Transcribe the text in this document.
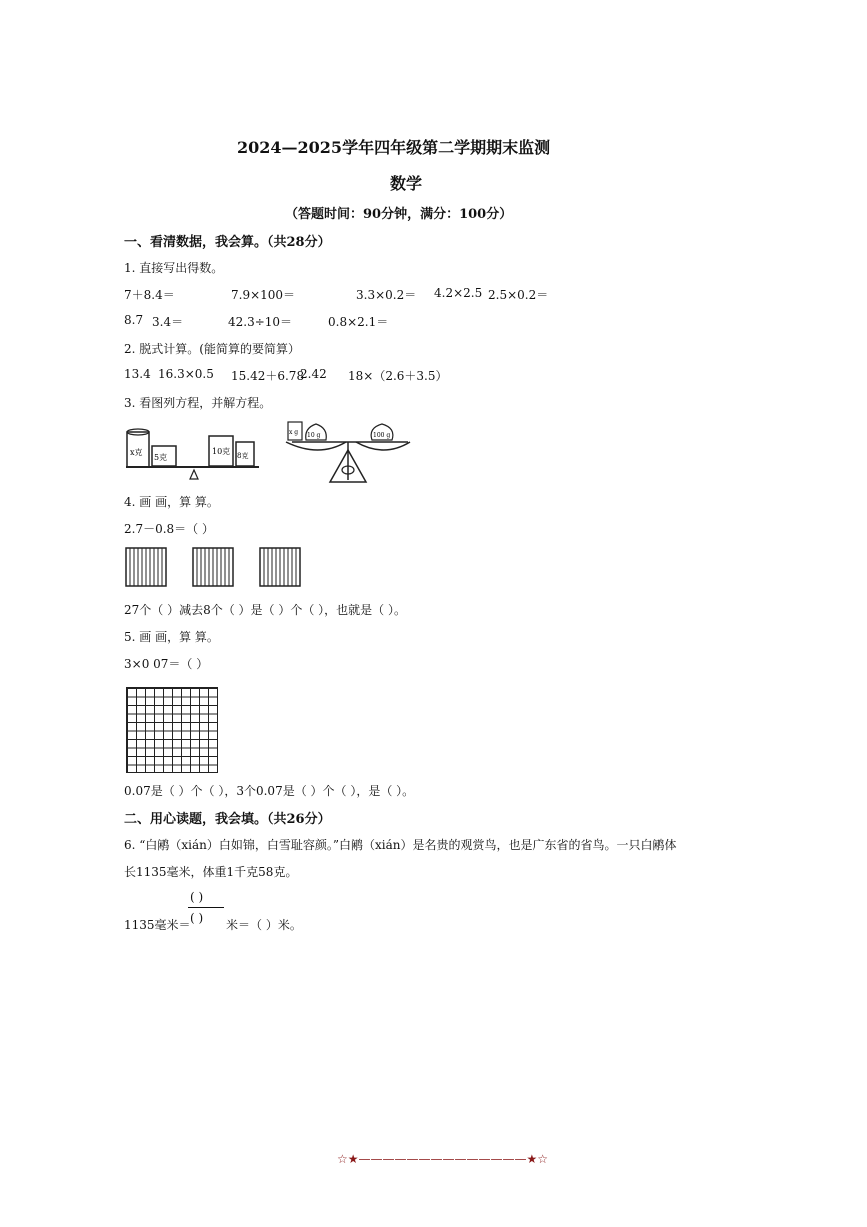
2024—2025学年四年级第二学期期末监测
数学
（答题时间：90分钟，满分：100分）
一、看清数据，我会算。（共28分）
1. 直接写出得数。
7＋8.4＝	7.9×100＝	3.3×0.2＝ 4.2×2.5 2.5×0.2＝
8.7 3.4＝	42.3÷10＝	0.8×2.1＝
2. 脱式计算。(能简算的要简算）
13.4 16.3×0.5 15.42＋6.78
2.42 18×（2.6＋3.5）
3. 看图列方程，并解方程。
x克
5克
10克 8克
x g 10 g	100 g
4. 画 画，算 算。
2.7－0.8＝（ ）
27个（ ）减去8个（ ）是（ ）个（ ），也就是（ ）。
5. 画 画，算 算。
3×0 07＝（ ）
0.07是（ ）个（ ），3个0.07是（ ）个（ ），是（ ）。
二、用心读题，我会填。（共26分）
6. “白鹇（xián）白如锦，白雪耻容颜。”白鹇（xián）是名贵的观赏鸟，也是广东省的省鸟。一只白鹇体
长1135毫米，体重1千克58克。
( )
1135毫米＝ ( ) 米＝（ ）米。
☆★——————————————★☆
